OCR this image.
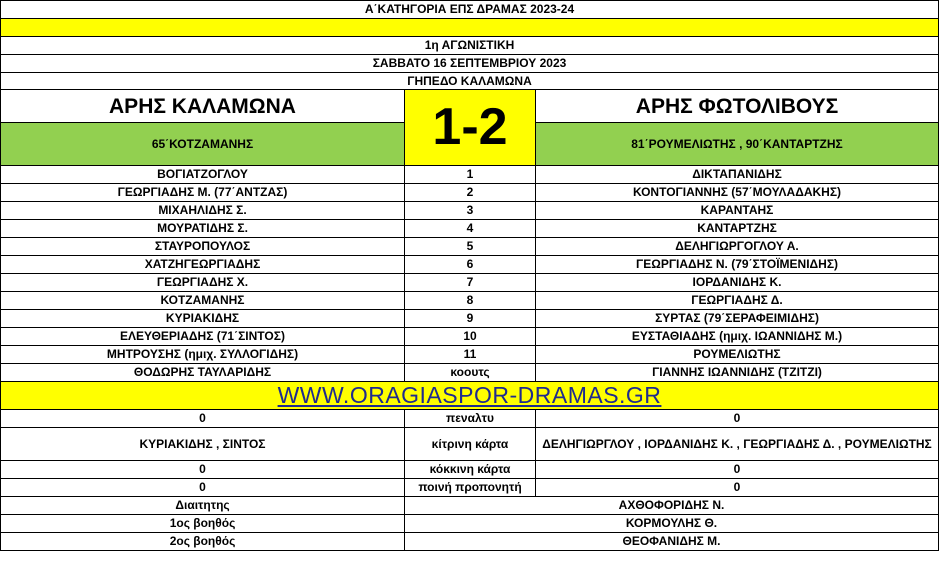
Α΄ΚΑΤΗΓΟΡΙΑ ΕΠΣ ΔΡΑΜΑΣ 2023-24		

1η ΑΓΩΝΙΣΤΙΚΗ		
ΣΑΒΒΑΤΟ 16 ΣΕΠΤΕΜΒΡΙΟΥ 2023		
ΓΗΠΕΔΟ ΚΑΛΑΜΩΝΑ		
ΑΡΗΣ ΚΑΛΑΜΩΝΑ	1-2	ΑΡΗΣ ΦΩΤΟΛΙΒΟΥΣ
65΄ΚΟΤΖΑΜΑΝΗΣ		81΄ΡΟΥΜΕΛΙΩΤΗΣ , 90΄ΚΑΝΤΑΡΤΖΗΣ
ΒΟΓΙΑΤΖΟΓΛΟΥ	1	ΔΙΚΤΑΠΑΝΙΔΗΣ
ΓΕΩΡΓΙΑΔΗΣ Μ. (77΄ΑΝΤΖΑΣ)	2	ΚΟΝΤΟΓΙΑΝΝΗΣ (57΄ΜΟΥΛΑΔΑΚΗΣ)
ΜΙΧΑΗΛΙΔΗΣ Σ.	3	ΚΑΡΑΝΤΑΗΣ
ΜΟΥΡΑΤΙΔΗΣ Σ.	4	ΚΑΝΤΑΡΤΖΗΣ
ΣΤΑΥΡΟΠΟΥΛΟΣ	5	ΔΕΛΗΓΙΩΡΓΟΓΛΟΥ Α.
ΧΑΤΖΗΓΕΩΡΓΙΑΔΗΣ	6	ΓΕΩΡΓΙΑΔΗΣ Ν. (79΄ΣΤΟΪΜΕΝΙΔΗΣ)
ΓΕΩΡΓΙΑΔΗΣ Χ.	7	ΙΟΡΔΑΝΙΔΗΣ Κ.
ΚΟΤΖΑΜΑΝΗΣ	8	ΓΕΩΡΓΙΑΔΗΣ Δ.
ΚΥΡΙΑΚΙΔΗΣ	9	ΣΥΡΤΑΣ (79΄ΣΕΡΑΦΕΙΜΙΔΗΣ)
ΕΛΕΥΘΕΡΙΑΔΗΣ (71΄ΣΙΝΤΟΣ)	10	ΕΥΣΤΑΘΙΑΔΗΣ (ημιχ. ΙΩΑΝΝΙΔΗΣ Μ.)
ΜΗΤΡΟΥΣΗΣ (ημιχ. ΣΥΛΛΟΓΙΔΗΣ)	11	ΡΟΥΜΕΛΙΩΤΗΣ
ΘΟΔΩΡΗΣ ΤΑΥΛΑΡΙΔΗΣ	κοουτς	ΓΙΑΝΝΗΣ ΙΩΑΝΝΙΔΗΣ (ΤΖΙΤΖΙ)
WWW.ORAGIASPOR-DRAMAS.GR		
0	πεναλτυ	0
ΚΥΡΙΑΚΙΔΗΣ , ΣΙΝΤΟΣ	κίτρινη κάρτα	ΔΕΛΗΓΙΩΡΓΛΟΥ , ΙΟΡΔΑΝΙΔΗΣ Κ. , ΓΕΩΡΓΙΑΔΗΣ Δ. , ΡΟΥΜΕΛΙΩΤΗΣ
0	κόκκινη κάρτα	0
0	ποινή προπονητή	0
Διαιτητης	ΑΧΘΟΦΟΡΙΔΗΣ Ν.	
1ος βοηθός	ΚΟΡΜΟΥΛΗΣ Θ.	
2ος βοηθός	ΘΕΟΦΑΝΙΔΗΣ Μ.	
